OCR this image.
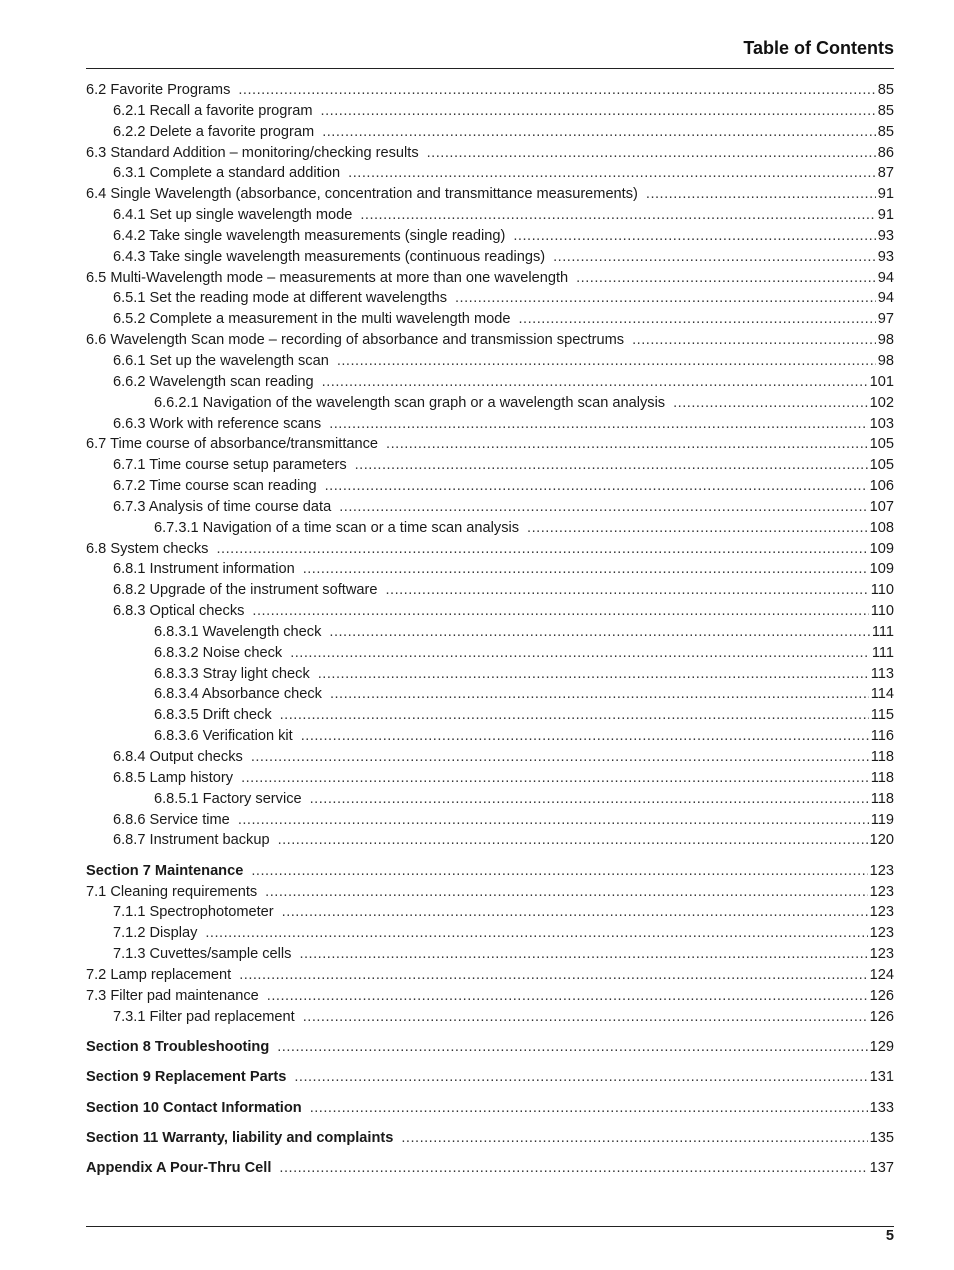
Table of Contents
6.2 Favorite Programs .....	85
6.2.1 Recall a favorite program .....	85
6.2.2 Delete a favorite program .....	85
6.3 Standard Addition – monitoring/checking results .....	86
6.3.1 Complete a standard addition .....	87
6.4 Single Wavelength (absorbance, concentration and transmittance measurements) .....	91
6.4.1 Set up single wavelength mode .....	91
6.4.2 Take single wavelength measurements (single reading) .....	93
6.4.3 Take single wavelength measurements (continuous readings) .....	93
6.5 Multi-Wavelength mode – measurements at more than one wavelength .....	94
6.5.1 Set the reading mode at different wavelengths .....	94
6.5.2 Complete a measurement in the multi wavelength mode .....	97
6.6 Wavelength Scan mode – recording of absorbance and transmission spectrums .....	98
6.6.1 Set up the wavelength scan .....	98
6.6.2 Wavelength scan reading .....	101
6.6.2.1 Navigation of the wavelength scan graph or a wavelength scan analysis .....	102
6.6.3 Work with reference scans .....	103
6.7 Time course of absorbance/transmittance .....	105
6.7.1 Time course setup parameters .....	105
6.7.2 Time course scan reading .....	106
6.7.3 Analysis of time course data .....	107
6.7.3.1 Navigation of a time scan or a time scan analysis .....	108
6.8 System checks .....	109
6.8.1 Instrument information .....	109
6.8.2 Upgrade of the instrument software .....	110
6.8.3 Optical checks .....	110
6.8.3.1 Wavelength check .....	111
6.8.3.2 Noise check .....	111
6.8.3.3 Stray light check .....	113
6.8.3.4 Absorbance check .....	114
6.8.3.5 Drift check .....	115
6.8.3.6 Verification kit .....	116
6.8.4 Output checks .....	118
6.8.5 Lamp history .....	118
6.8.5.1 Factory service .....	118
6.8.6 Service time .....	119
6.8.7 Instrument backup .....	120
Section 7 Maintenance .....	123
7.1 Cleaning requirements .....	123
7.1.1 Spectrophotometer .....	123
7.1.2 Display .....	123
7.1.3 Cuvettes/sample cells .....	123
7.2 Lamp replacement .....	124
7.3 Filter pad maintenance .....	126
7.3.1 Filter pad replacement .....	126
Section 8 Troubleshooting .....	129
Section 9 Replacement Parts .....	131
Section 10 Contact Information .....	133
Section 11 Warranty, liability and complaints .....	135
Appendix A Pour-Thru Cell .....	137
5
